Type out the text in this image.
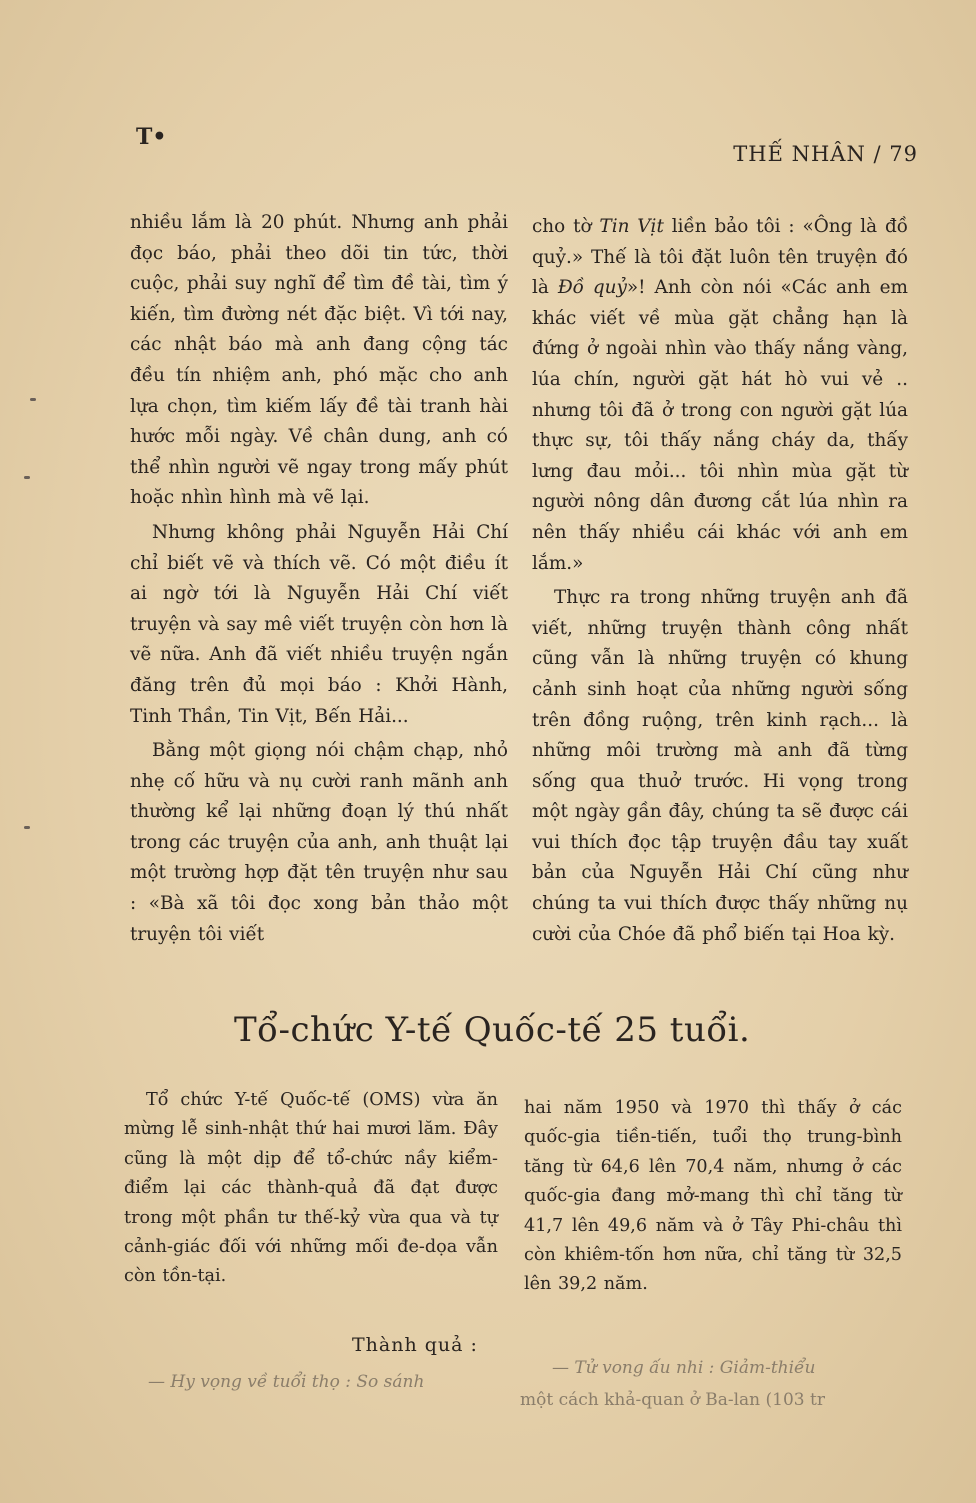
T•
THẾ NHÂN / 79

nhiều lắm là 20 phút. Nhưng anh phải đọc báo, phải theo dõi tin tức, thời cuộc, phải suy nghĩ để tìm đề tài, tìm ý kiến, tìm đường nét đặc biệt. Vì tới nay, các nhật báo mà anh đang cộng tác đều tín nhiệm anh, phó mặc cho anh lựa chọn, tìm kiếm lấy đề tài tranh hài hước mỗi ngày. Về chân dung, anh có thể nhìn người vẽ ngay trong mấy phút hoặc nhìn hình mà vẽ lại.

Nhưng không phải Nguyễn Hải Chí chỉ biết vẽ và thích vẽ. Có một điều ít ai ngờ tới là Nguyễn Hải Chí viết truyện và say mê viết truyện còn hơn là vẽ nữa. Anh đã viết nhiều truyện ngắn đăng trên đủ mọi báo : Khởi Hành, Tinh Thần, Tin Vịt, Bến Hải...

Bằng một giọng nói chậm chạp, nhỏ nhẹ cố hữu và nụ cười ranh mãnh anh thường kể lại những đoạn lý thú nhất trong các truyện của anh, anh thuật lại một trường hợp đặt tên truyện như sau : «Bà xã tôi đọc xong bản thảo một truyện tôi viết

cho tờ Tin Vịt liền bảo tôi : «Ông là đồ quỷ.» Thế là tôi đặt luôn tên truyện đó là Đồ quỷ»! Anh còn nói «Các anh em khác viết về mùa gặt chẳng hạn là đứng ở ngoài nhìn vào thấy nắng vàng, lúa chín, người gặt hát hò vui vẻ .. nhưng tôi đã ở trong con người gặt lúa thực sự, tôi thấy nắng cháy da, thấy lưng đau mỏi... tôi nhìn mùa gặt từ người nông dân đương cắt lúa nhìn ra nên thấy nhiều cái khác với anh em lắm.»

Thực ra trong những truyện anh đã viết, những truyện thành công nhất cũng vẫn là những truyện có khung cảnh sinh hoạt của những người sống trên đồng ruộng, trên kinh rạch... là những môi trường mà anh đã từng sống qua thuở trước. Hi vọng trong một ngày gần đây, chúng ta sẽ được cái vui thích đọc tập truyện đầu tay xuất bản của Nguyễn Hải Chí cũng như chúng ta vui thích được thấy những nụ cười của Chóe đã phổ biến tại Hoa kỳ.

Tổ-chức Y-tế Quốc-tế 25 tuổi.

Tổ chức Y-tế Quốc-tế (OMS) vừa ăn mừng lễ sinh-nhật thứ hai mươi lăm. Đây cũng là một dịp để tổ-chức nầy kiểm-điểm lại các thành-quả đã đạt được trong một phần tư thế-kỷ vừa qua và tự cảnh-giác đối với những mối đe-dọa vẫn còn tồn-tại.

hai năm 1950 và 1970 thì thấy ở các quốc-gia tiền-tiến, tuổi thọ trung-bình tăng từ 64,6 lên 70,4 năm, nhưng ở các quốc-gia đang mở-mang thì chỉ tăng từ 41,7 lên 49,6 năm và ở Tây Phi-châu thì còn khiêm-tốn hơn nữa, chỉ tăng từ 32,5 lên 39,2 năm.

Thành quả :
— Hy vọng về tuổi thọ : So sánh
— Tử vong ấu nhi : Giảm-thiểu
một cách khả-quan ở Ba-lan (103 tr
